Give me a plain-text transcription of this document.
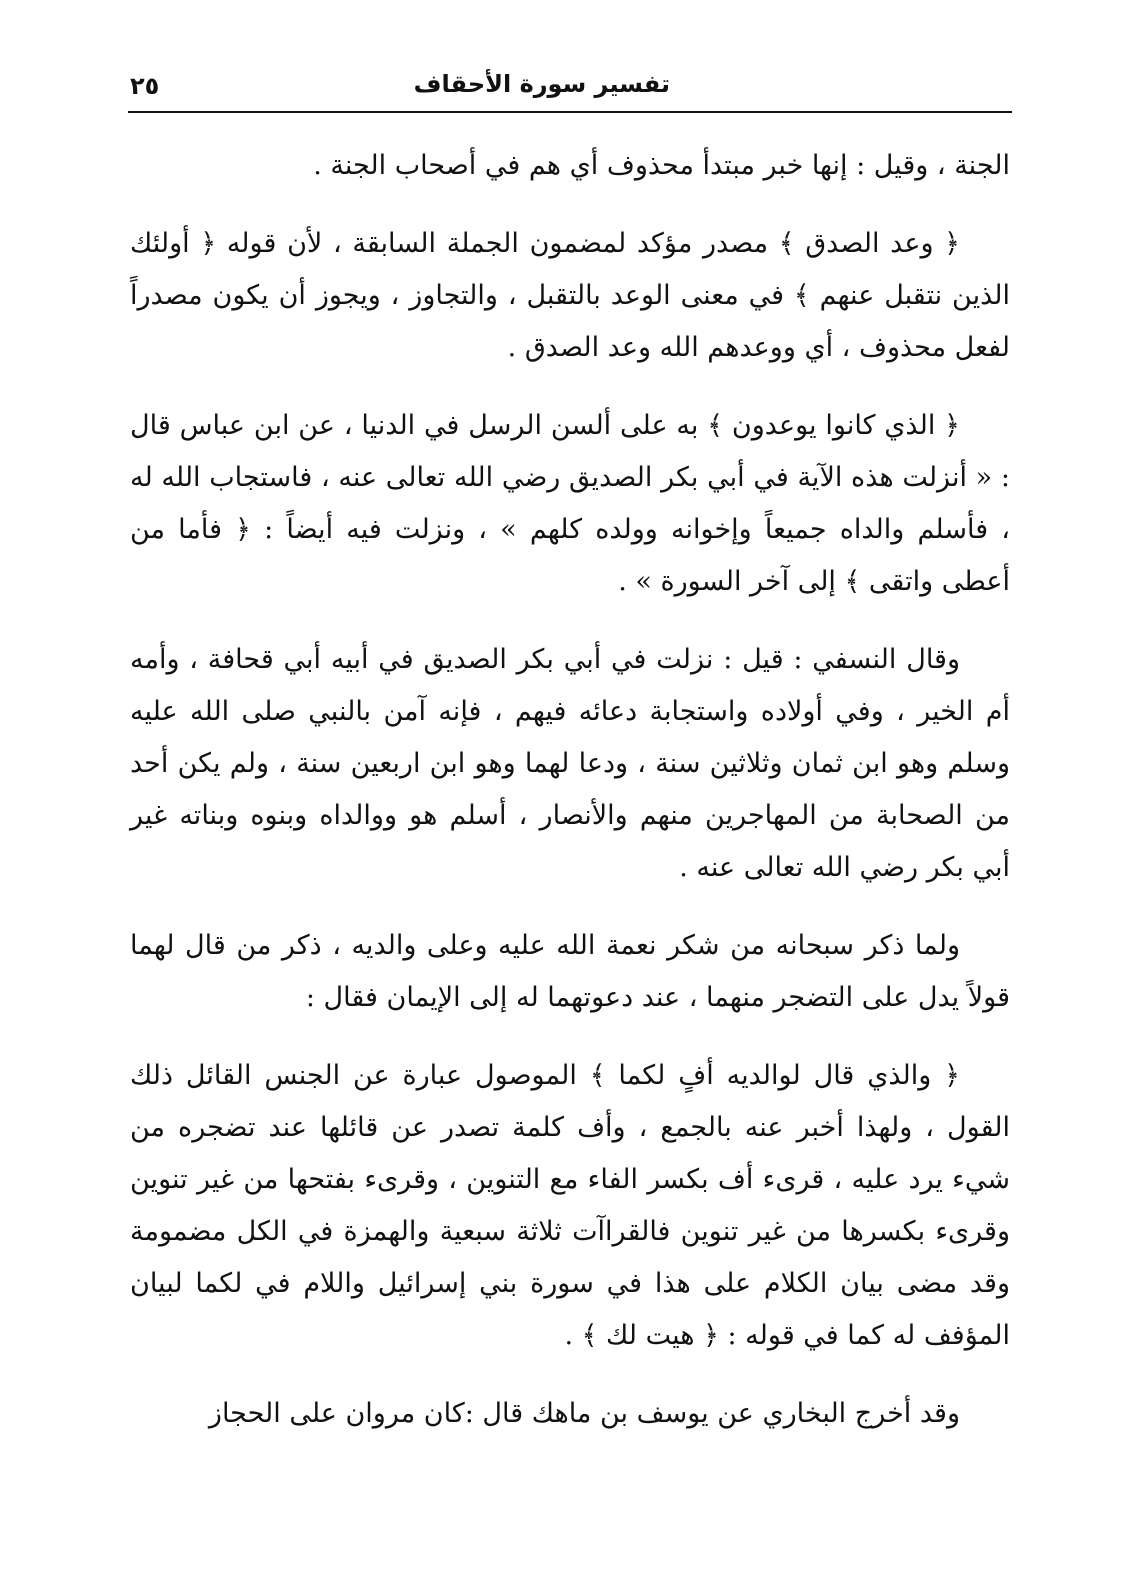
تفسير سورة الأحقاف
٢٥

الجنة ، وقيل : إنها خبر مبتدأ محذوف أي هم في أصحاب الجنة .

﴿ وعد الصدق ﴾ مصدر مؤكد لمضمون الجملة السابقة ، لأن قوله ﴿ أولئك الذين نتقبل عنهم ﴾ في معنى الوعد بالتقبل ، والتجاوز ، ويجوز أن يكون مصدراً لفعل محذوف ، أي ووعدهم الله وعد الصدق .

﴿ الذي كانوا يوعدون ﴾ به على ألسن الرسل في الدنيا ، عن ابن عباس قال : « أنزلت هذه الآية في أبي بكر الصديق رضي الله تعالى عنه ، فاستجاب الله له ، فأسلم والداه جميعاً وإخوانه وولده كلهم » ، ونزلت فيه أيضاً : ﴿ فأما من أعطى واتقى ﴾ إلى آخر السورة » .

وقال النسفي : قيل : نزلت في أبي بكر الصديق في أبيه أبي قحافة ، وأمه أم الخير ، وفي أولاده واستجابة دعائه فيهم ، فإنه آمن بالنبي صلى الله عليه وسلم وهو ابن ثمان وثلاثين سنة ، ودعا لهما وهو ابن اربعين سنة ، ولم يكن أحد من الصحابة من المهاجرين منهم والأنصار ، أسلم هو ووالداه وبنوه وبناته غير أبي بكر رضي الله تعالى عنه .

ولما ذكر سبحانه من شكر نعمة الله عليه وعلى والديه ، ذكر من قال لهما قولاً يدل على التضجر منهما ، عند دعوتهما له إلى الإيمان فقال :

﴿ والذي قال لوالديه أفٍ لكما ﴾ الموصول عبارة عن الجنس القائل ذلك القول ، ولهذا أخبر عنه بالجمع ، وأف كلمة تصدر عن قائلها عند تضجره من شيء يرد عليه ، قرىء أف بكسر الفاء مع التنوين ، وقرىء بفتحها من غير تنوين وقرىء بكسرها من غير تنوين فالقراآت ثلاثة سبعية والهمزة في الكل مضمومة وقد مضى بيان الكلام على هذا في سورة بني إسرائيل واللام في لكما لبيان المؤفف له كما في قوله : ﴿ هيت لك ﴾ .

وقد أخرج البخاري عن يوسف بن ماهك قال :كان مروان على الحجاز
